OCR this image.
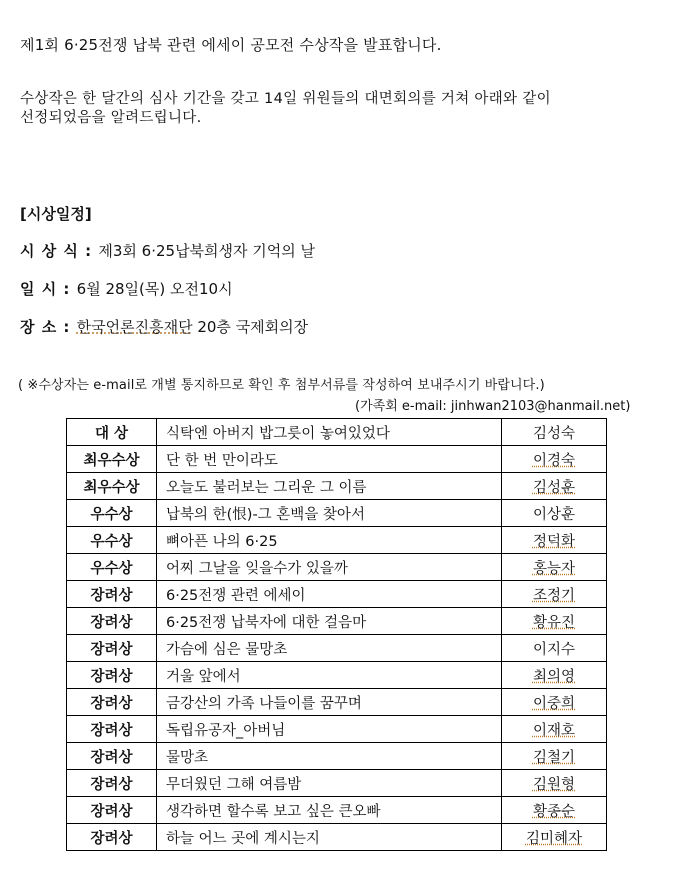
제1회 6·25전쟁 납북 관련 에세이 공모전 수상작을 발표합니다.

수상작은 한 달간의 심사 기간을 갖고 14일 위원들의 대면회의를 거쳐 아래와 같이
선정되었음을 알려드립니다.

[시상일정]

시 상 식 : 제3회 6·25납북희생자 기억의 날

일 시 : 6월 28일(목) 오전10시

장 소 : 한국언론진흥재단 20층 국제회의장

( ※수상자는 e-mail로 개별 통지하므로 확인 후 첨부서류를 작성하여 보내주시기 바랍니다.)

(가족회 e-mail: jinhwan2103@hanmail.net)

대 상	식탁엔 아버지 밥그릇이 놓여있었다	김성숙
최우수상	단 한 번 만이라도	이경숙
최우수상	오늘도 불러보는 그리운 그 이름	김성훈
우수상	납북의 한(恨)-그 혼백을 찾아서	이상훈
우수상	뼈아픈 나의 6·25	정덕화
우수상	어찌 그날을 잊을수가 있을까	홍능자
장려상	6·25전쟁 관련 에세이	조정기
장려상	6·25전쟁 납북자에 대한 걸음마	황유진
장려상	가슴에 심은 물망초	이지수
장려상	거울 앞에서	최의영
장려상	금강산의 가족 나들이를 꿈꾸며	이중희
장려상	독립유공자_아버님	이재호
장려상	물망초	김철기
장려상	무더웠던 그해 여름밤	김원형
장려상	생각하면 할수록 보고 싶은 큰오빠	황종순
장려상	하늘 어느 곳에 계시는지	김미혜자
